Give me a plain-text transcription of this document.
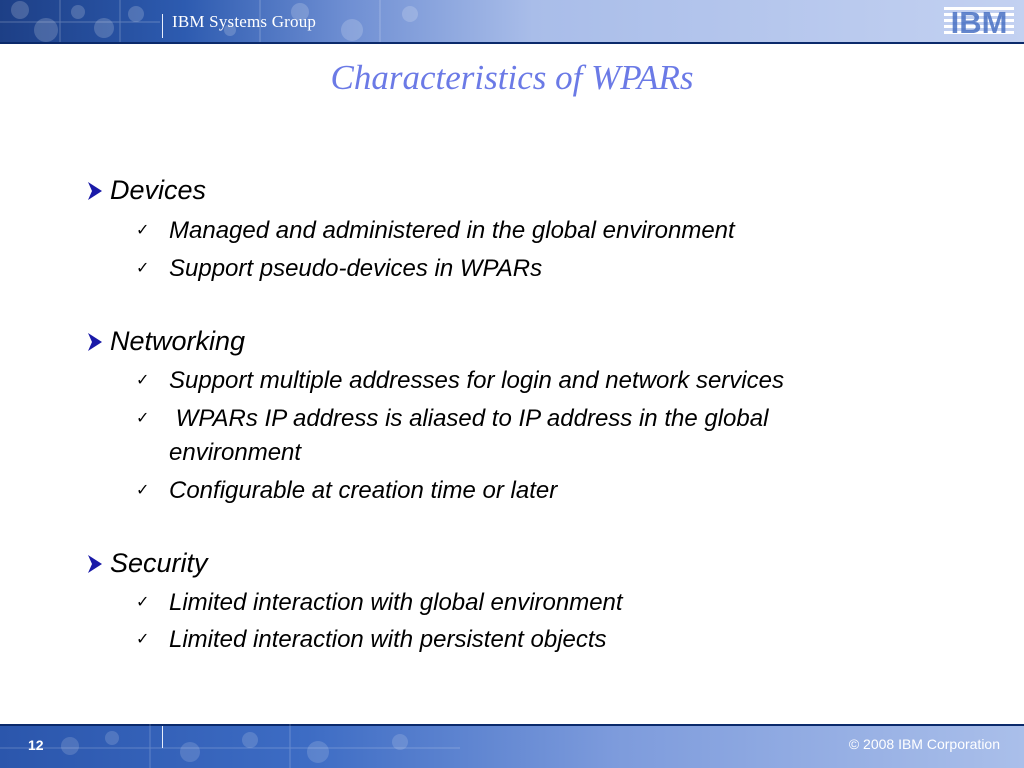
IBM Systems Group	IBM
Characteristics of WPARs
Devices
✓ Managed and administered in the global environment
✓ Support pseudo-devices in WPARs
Networking
✓ Support multiple addresses for login and network services
✓ WPARs IP address is aliased to IP address in the global environment
✓ Configurable at creation time or later
Security
✓ Limited interaction with global environment
✓ Limited interaction with persistent objects
12	© 2008 IBM Corporation
